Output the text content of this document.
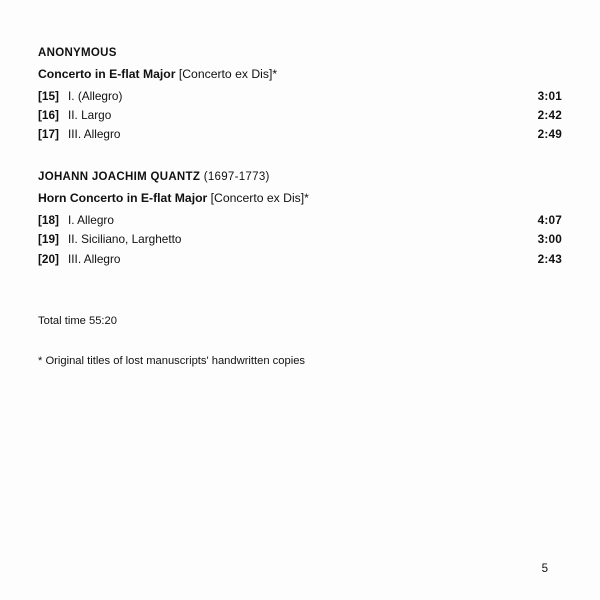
ANONYMOUS
Concerto in E-flat Major [Concerto ex Dis]*
[15] I. (Allegro)	3:01
[16] II. Largo	2:42
[17] III. Allegro	2:49
JOHANN JOACHIM QUANTZ (1697-1773)
Horn Concerto in E-flat Major [Concerto ex Dis]*
[18] I. Allegro	4:07
[19] II. Siciliano, Larghetto	3:00
[20] III. Allegro	2:43
Total time 55:20
* Original titles of lost manuscripts' handwritten copies
5
